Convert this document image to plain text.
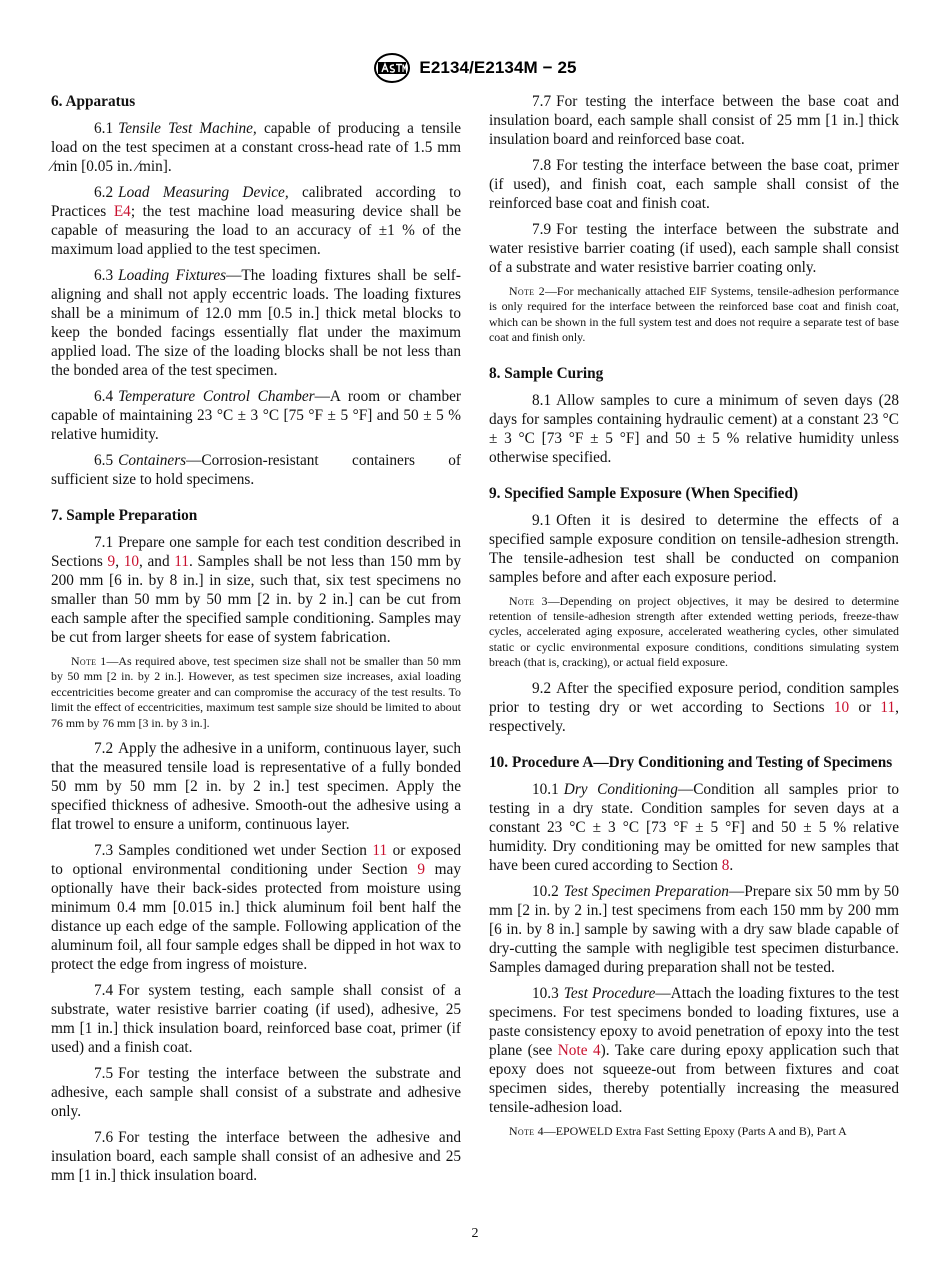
E2134/E2134M − 25
6. Apparatus

6.1 Tensile Test Machine, capable of producing a tensile load on the test specimen at a constant cross-head rate of 1.5 mm ⁄min [0.05 in. ⁄min].

6.2 Load Measuring Device, calibrated according to Practices E4; the test machine load measuring device shall be capable of measuring the load to an accuracy of ±1 % of the maximum load applied to the test specimen.

6.3 Loading Fixtures—The loading fixtures shall be self-aligning and shall not apply eccentric loads. The loading fixtures shall be a minimum of 12.0 mm [0.5 in.] thick metal blocks to keep the bonded facings essentially flat under the maximum applied load. The size of the loading blocks shall be not less than the bonded area of the test specimen.

6.4 Temperature Control Chamber—A room or chamber capable of maintaining 23 °C ± 3 °C [75 °F ± 5 °F] and 50 ± 5 % relative humidity.

6.5 Containers—Corrosion-resistant containers of sufficient size to hold specimens.

7. Sample Preparation

7.1 Prepare one sample for each test condition described in Sections 9, 10, and 11. Samples shall be not less than 150 mm by 200 mm [6 in. by 8 in.] in size, such that, six test specimens no smaller than 50 mm by 50 mm [2 in. by 2 in.] can be cut from each sample after the specified sample conditioning. Samples may be cut from larger sheets for ease of system fabrication.

Note 1—As required above, test specimen size shall not be smaller than 50 mm by 50 mm [2 in. by 2 in.]. However, as test specimen size increases, axial loading eccentricities become greater and can compromise the accuracy of the test results. To limit the effect of eccentricities, maximum test sample size should be limited to about 76 mm by 76 mm [3 in. by 3 in.].

7.2 Apply the adhesive in a uniform, continuous layer, such that the measured tensile load is representative of a fully bonded 50 mm by 50 mm [2 in. by 2 in.] test specimen. Apply the specified thickness of adhesive. Smooth-out the adhesive using a flat trowel to ensure a uniform, continuous layer.

7.3 Samples conditioned wet under Section 11 or exposed to optional environmental conditioning under Section 9 may optionally have their back-sides protected from moisture using minimum 0.4 mm [0.015 in.] thick aluminum foil bent half the distance up each edge of the sample. Following application of the aluminum foil, all four sample edges shall be dipped in hot wax to protect the edge from ingress of moisture.

7.4 For system testing, each sample shall consist of a substrate, water resistive barrier coating (if used), adhesive, 25 mm [1 in.] thick insulation board, reinforced base coat, primer (if used) and a finish coat.

7.5 For testing the interface between the substrate and adhesive, each sample shall consist of a substrate and adhesive only.

7.6 For testing the interface between the adhesive and insulation board, each sample shall consist of an adhesive and 25 mm [1 in.] thick insulation board.

7.7 For testing the interface between the base coat and insulation board, each sample shall consist of 25 mm [1 in.] thick insulation board and reinforced base coat.

7.8 For testing the interface between the base coat, primer (if used), and finish coat, each sample shall consist of the reinforced base coat and finish coat.

7.9 For testing the interface between the substrate and water resistive barrier coating (if used), each sample shall consist of a substrate and water resistive barrier coating only.

Note 2—For mechanically attached EIF Systems, tensile-adhesion performance is only required for the interface between the reinforced base coat and finish coat, which can be shown in the full system test and does not require a separate test of base coat and finish only.

8. Sample Curing

8.1 Allow samples to cure a minimum of seven days (28 days for samples containing hydraulic cement) at a constant 23 °C ± 3 °C [73 °F ± 5 °F] and 50 ± 5 % relative humidity unless otherwise specified.

9. Specified Sample Exposure (When Specified)

9.1 Often it is desired to determine the effects of a specified sample exposure condition on tensile-adhesion strength. The tensile-adhesion test shall be conducted on companion samples before and after each exposure period.

Note 3—Depending on project objectives, it may be desired to determine retention of tensile-adhesion strength after extended wetting periods, freeze-thaw cycles, accelerated aging exposure, accelerated weathering cycles, other simulated static or cyclic environmental exposure conditions, conditions simulating system breach (that is, cracking), or actual field exposure.

9.2 After the specified exposure period, condition samples prior to testing dry or wet according to Sections 10 or 11, respectively.

10. Procedure A—Dry Conditioning and Testing of Specimens

10.1 Dry Conditioning—Condition all samples prior to testing in a dry state. Condition samples for seven days at a constant 23 °C ± 3 °C [73 °F ± 5 °F] and 50 ± 5 % relative humidity. Dry conditioning may be omitted for new samples that have been cured according to Section 8.

10.2 Test Specimen Preparation—Prepare six 50 mm by 50 mm [2 in. by 2 in.] test specimens from each 150 mm by 200 mm [6 in. by 8 in.] sample by sawing with a dry saw blade capable of dry-cutting the sample with negligible test specimen disturbance. Samples damaged during preparation shall not be tested.

10.3 Test Procedure—Attach the loading fixtures to the test specimens. For test specimens bonded to loading fixtures, use a paste consistency epoxy to avoid penetration of epoxy into the test plane (see Note 4). Take care during epoxy application such that epoxy does not squeeze-out from between fixtures and coat specimen sides, thereby potentially increasing the measured tensile-adhesion load.

Note 4—EPOWELD Extra Fast Setting Epoxy (Parts A and B), Part A

2
